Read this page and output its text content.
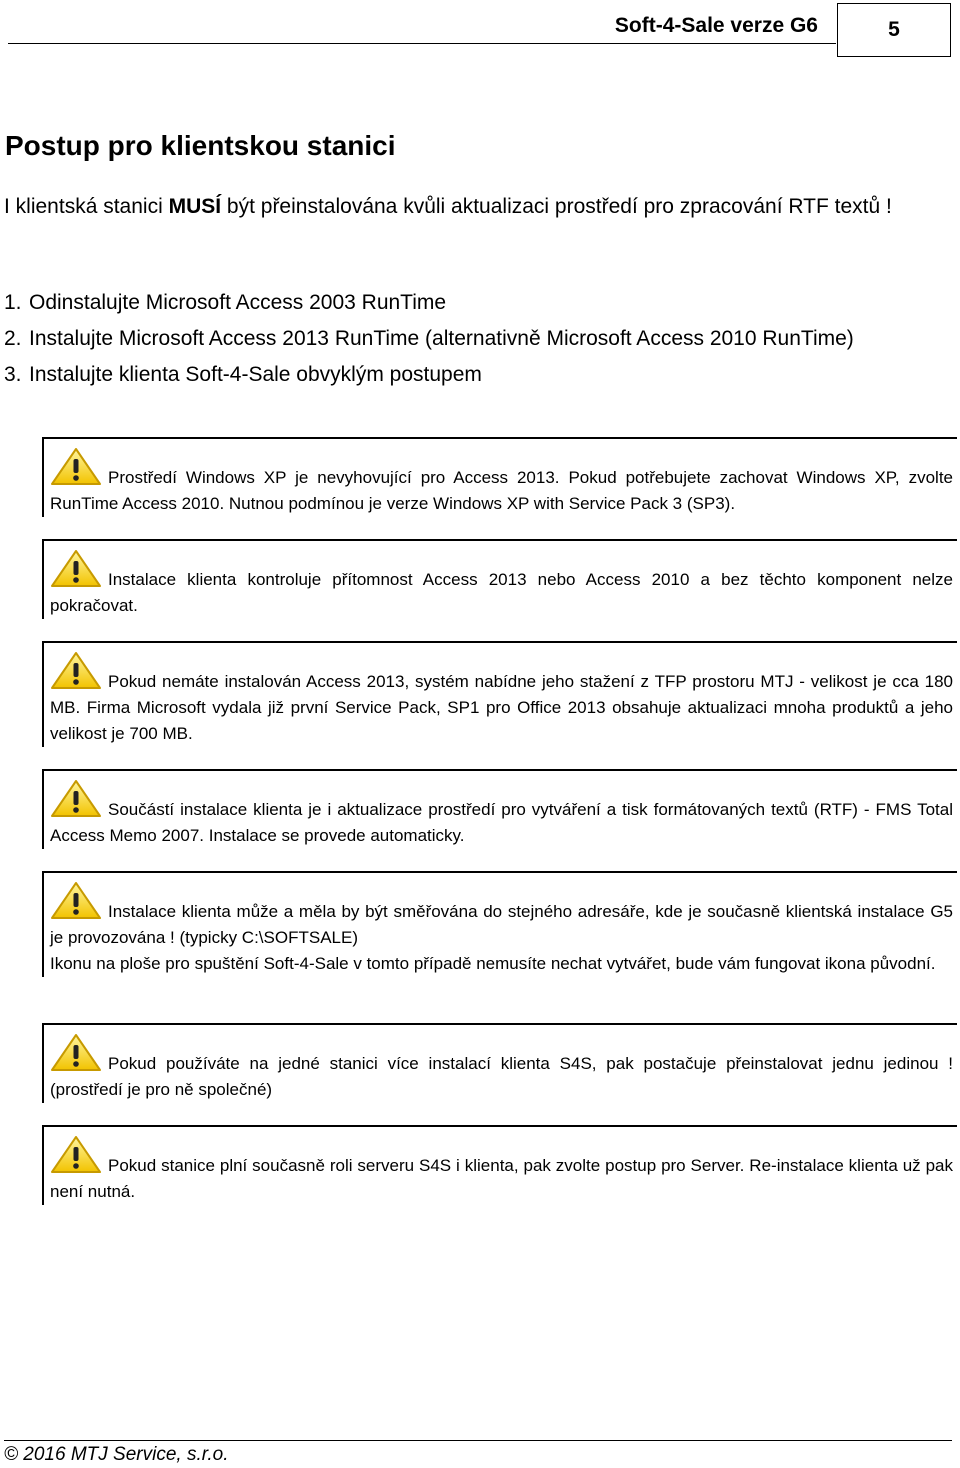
Soft-4-Sale verze G6	5
Postup pro klientskou stanici

I klientská stanici MUSÍ být přeinstalována kvůli aktualizaci prostředí pro zpracování RTF textů !

1. Odinstalujte Microsoft Access 2003 RunTime
2. Instalujte Microsoft Access 2013 RunTime (alternativně Microsoft Access 2010 RunTime)
3. Instalujte klienta Soft-4-Sale obvyklým postupem

Prostředí Windows XP je nevyhovující pro Access 2013. Pokud potřebujete zachovat Windows XP, zvolte RunTime Access 2010. Nutnou podmínou je verze Windows XP with Service Pack 3 (SP3).

Instalace klienta kontroluje přítomnost Access 2013 nebo Access 2010 a bez těchto komponent nelze pokračovat.

Pokud nemáte instalován Access 2013, systém nabídne jeho stažení z TFP prostoru MTJ - velikost je cca 180 MB. Firma Microsoft vydala již první Service Pack, SP1 pro Office 2013 obsahuje aktualizaci mnoha produktů a jeho velikost je 700 MB.

Součástí instalace klienta je i aktualizace prostředí pro vytváření a tisk formátovaných textů (RTF) - FMS Total Access Memo 2007. Instalace se provede automaticky.

Instalace klienta může a měla by být směřována do stejného adresáře, kde je současně klientská instalace G5 je provozována ! (typicky C:\SOFTSALE)

Ikonu na ploše pro spuštění Soft-4-Sale v tomto případě nemusíte nechat vytvářet, bude vám fungovat ikona původní.

Pokud používáte na jedné stanici více instalací klienta S4S, pak postačuje přeinstalovat jednu jedinou ! (prostředí je pro ně společné)

Pokud stanice plní současně roli serveru S4S i klienta, pak zvolte postup pro Server. Re-instalace klienta už pak není nutná.

© 2016 MTJ Service, s.r.o.
